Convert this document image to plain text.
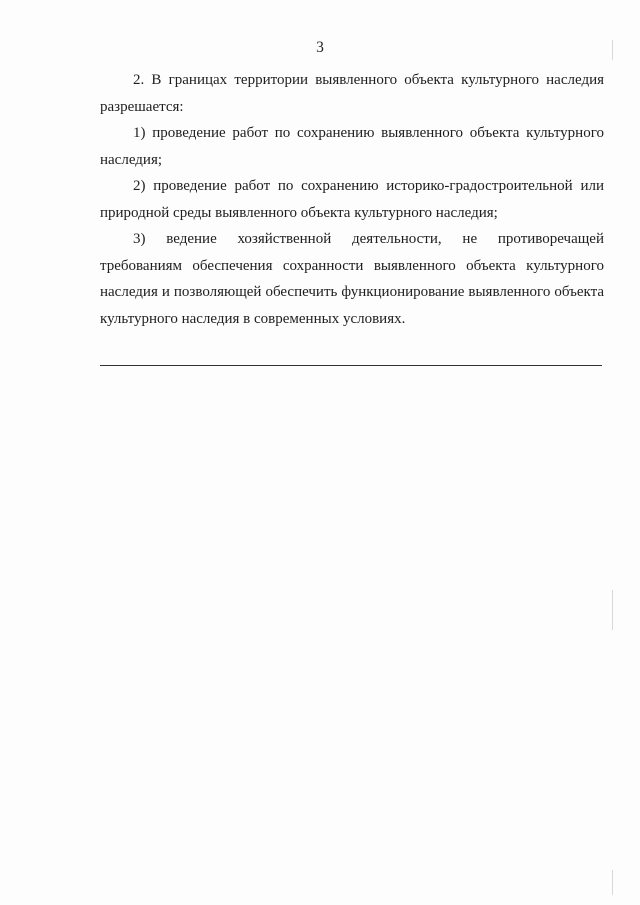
3

2. В границах территории выявленного объекта культурного наследия разрешается:

1) проведение работ по сохранению выявленного объекта культурного наследия;

2) проведение работ по сохранению историко-градостроительной или природной среды выявленного объекта культурного наследия;

3) ведение хозяйственной деятельности, не противоречащей требованиям обеспечения сохранности выявленного объекта культурного наследия и позволяющей обеспечить функционирование выявленного объекта культурного наследия в современных условиях.
